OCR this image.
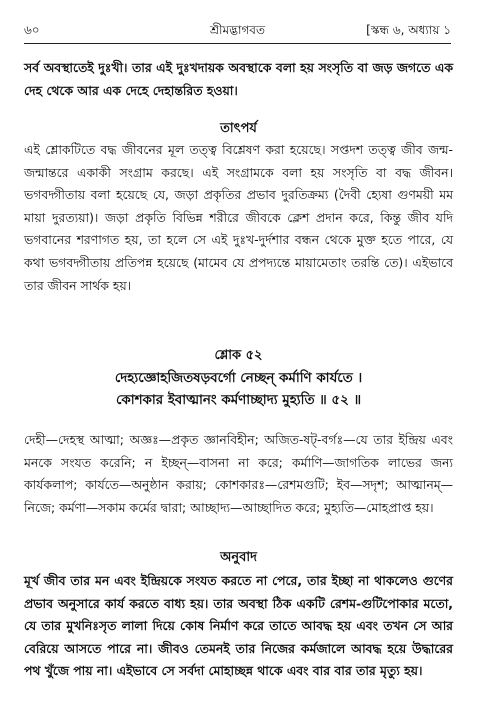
৬০	শ্রীমদ্ভাগবত	[স্কন্ধ ৬, অধ্যায় ১

সর্ব অবস্থাতেই দুঃখী। তার এই দুঃখদায়ক অবস্থাকে বলা হয় সংসৃতি বা জড় জগতে এক দেহ থেকে আর এক দেহে দেহান্তরিত হওয়া।

তাৎপর্য

এই শ্লোকটিতে বদ্ধ জীবনের মূল তত্ত্ব বিশ্লেষণ করা হয়েছে। সপ্তদশ তত্ত্ব জীব জন্ম-জন্মান্তরে একাকী সংগ্রাম করছে। এই সংগ্রামকে বলা হয় সংসৃতি বা বদ্ধ জীবন। ভগবদ্গীতায় বলা হয়েছে যে, জড়া প্রকৃতির প্রভাব দুরতিক্রম্য (দৈবী হ্যেষা গুণময়ী মম মায়া দুরত্যয়া)। জড়া প্রকৃতি বিভিন্ন শরীরে জীবকে ক্লেশ প্রদান করে, কিন্তু জীব যদি ভগবানের শরণাগত হয়, তা হলে সে এই দুঃখ-দুর্দশার বন্ধন থেকে মুক্ত হতে পারে, যে কথা ভগবদ্গীতায় প্রতিপন্ন হয়েছে (মামেব যে প্রপদ্যন্তে মায়ামেতাং তরন্তি তে)। এইভাবে তার জীবন সার্থক হয়।

শ্লোক ৫২
দেহ্যজ্ঞোহজিতষড়বর্গো নেচ্ছন্ কর্মাণি কার্যতে ।
কোশকার ইবাত্মানং কর্মণাচ্ছাদ্য মুহ্যতি ॥ ৫২ ॥

দেহী—দেহস্থ আত্মা; অজ্ঞঃ—প্রকৃত জ্ঞানবিহীন; অজিত-ষট্-বর্গঃ—যে তার ইন্দ্রিয় এবং মনকে সংযত করেনি; ন ইচ্ছন্—বাসনা না করে; কর্মাণি—জাগতিক লাভের জন্য কার্যকলাপ; কার্যতে—অনুষ্ঠান করায়; কোশকারঃ—রেশমগুটি; ইব—সদৃশ; আত্মানম্—নিজে; কর্মণা—সকাম কর্মের দ্বারা; আচ্ছাদ্য—আচ্ছাদিত করে; মুহ্যতি—মোহপ্রাপ্ত হয়।

অনুবাদ

মূর্খ জীব তার মন এবং ইন্দ্রিয়কে সংযত করতে না পেরে, তার ইচ্ছা না থাকলেও গুণের প্রভাব অনুসারে কার্য করতে বাধ্য হয়। তার অবস্থা ঠিক একটি রেশম-গুটিপোকার মতো, যে তার মুখনিঃসৃত লালা দিয়ে কোষ নির্মাণ করে তাতে আবদ্ধ হয় এবং তখন সে আর বেরিয়ে আসতে পারে না। জীবও তেমনই তার নিজের কর্মজালে আবদ্ধ হয়ে উদ্ধারের পথ খুঁজে পায় না। এইভাবে সে সর্বদা মোহাচ্ছন্ন থাকে এবং বার বার তার মৃত্যু হয়।
